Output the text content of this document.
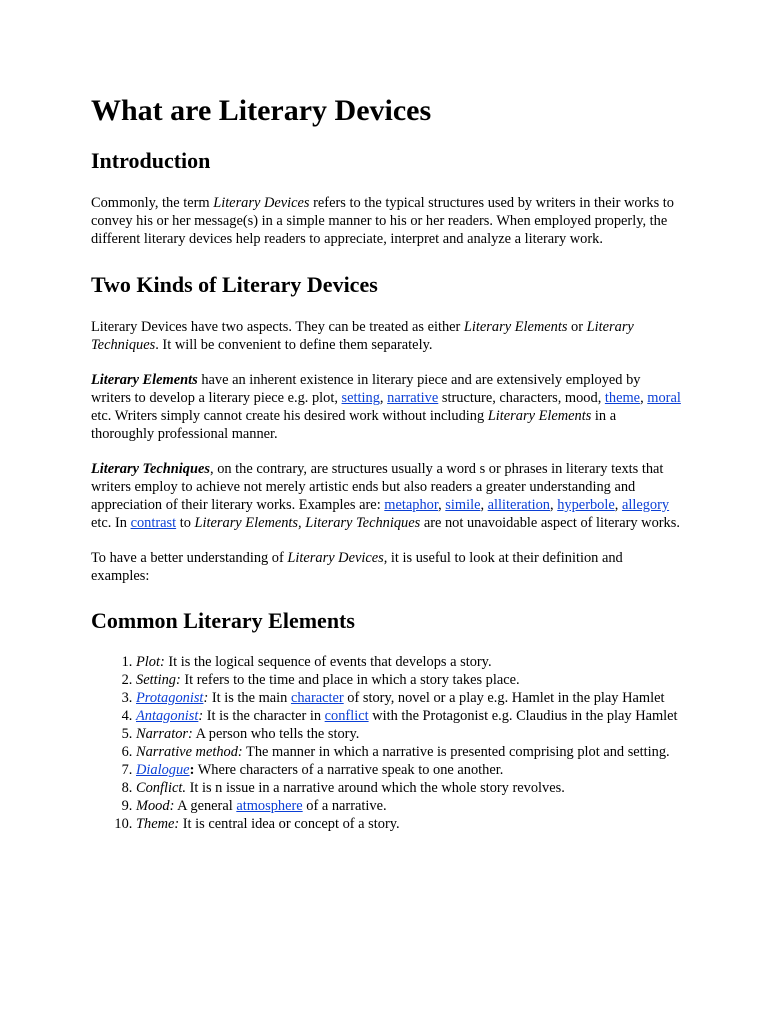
What are Literary Devices
Introduction

Commonly, the term Literary Devices refers to the typical structures used by writers in their works to convey his or her message(s) in a simple manner to his or her readers. When employed properly, the different literary devices help readers to appreciate, interpret and analyze a literary work.

Two Kinds of Literary Devices

Literary Devices have two aspects. They can be treated as either Literary Elements or Literary Techniques. It will be convenient to define them separately.

Literary Elements have an inherent existence in literary piece and are extensively employed by writers to develop a literary piece e.g. plot, setting, narrative structure, characters, mood, theme, moral etc. Writers simply cannot create his desired work without including Literary Elements in a thoroughly professional manner.

Literary Techniques, on the contrary, are structures usually a word s or phrases in literary texts that writers employ to achieve not merely artistic ends but also readers a greater understanding and appreciation of their literary works. Examples are: metaphor, simile, alliteration, hyperbole, allegory etc. In contrast to Literary Elements, Literary Techniques are not unavoidable aspect of literary works.

To have a better understanding of Literary Devices, it is useful to look at their definition and examples:

Common Literary Elements
1. Plot: It is the logical sequence of events that develops a story.
2. Setting: It refers to the time and place in which a story takes place.
3. Protagonist: It is the main character of story, novel or a play e.g. Hamlet in the play Hamlet
4. Antagonist: It is the character in conflict with the Protagonist e.g. Claudius in the play Hamlet
5. Narrator: A person who tells the story.
6. Narrative method: The manner in which a narrative is presented comprising plot and setting.
7. Dialogue: Where characters of a narrative speak to one another.
8. Conflict. It is n issue in a narrative around which the whole story revolves.
9. Mood: A general atmosphere of a narrative.
10. Theme: It is central idea or concept of a story.
